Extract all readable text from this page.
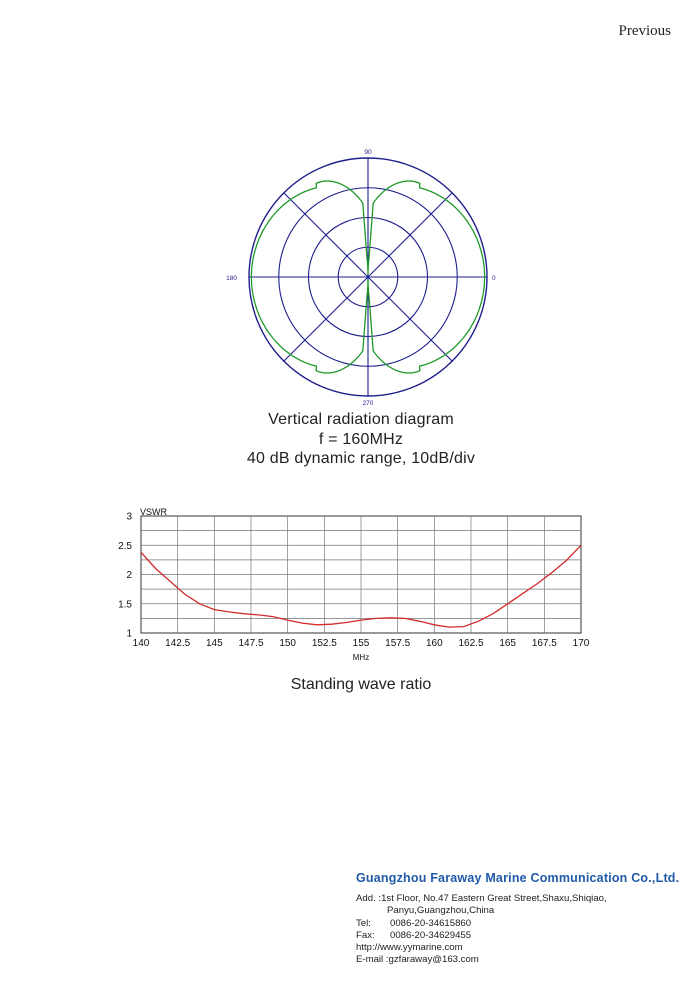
Previous
90
0
270
180
Vertical radiation diagram
f = 160MHz
40 dB dynamic range, 10dB/div
1
1.5
2
2.5
3
140 142.5 145 147.5 150 152.5 155 157.5 160 162.5 165 167.5 170
VSWR
MHz
Standing wave ratio
Guangzhou Faraway Marine Communication Co.,Ltd.
Add. : 1st Floor, No.47 Eastern Great Street,Shaxu,Shiqiao,
Panyu,Guangzhou,China
Tel:	0086-20-34615860
Fax:	0086-20-34629455
http://www.yymarine.com
E-mail : gzfaraway@163.com
